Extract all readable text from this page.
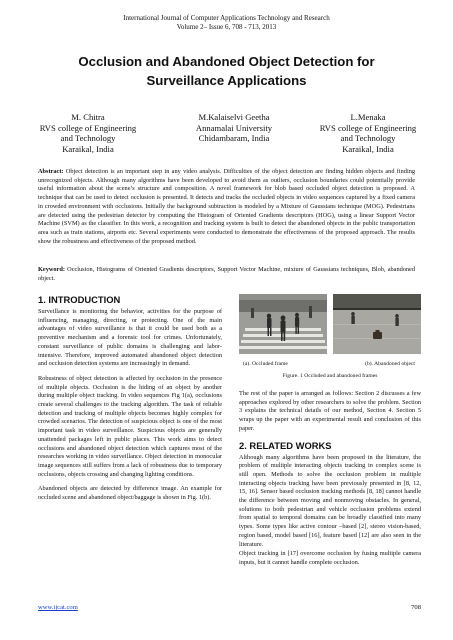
International Journal of Computer Applications Technology and Research
Volume 2– Issue 6, 708 - 713, 2013
Occlusion and Abandoned Object Detection for
Surveillance Applications
M. Chitra
RVS college of Engineering
and Technology
Karaikal, India
M.Kalaiselvi Geetha
Annamalai University
Chidambaram, India
L.Menaka
RVS college of Engineering
and Technology
Karaikal, India
Abstract: Object detection is an important step in any video analysis. Difficulties of the object detection are finding hidden objects and finding unrecognized objects. Although many algorithms have been developed to avoid them as outliers, occlusion boundaries could potentially provide useful information about the scene’s structure and composition. A novel framework for blob based occluded object detection is proposed. A technique that can be used to detect occlusion is presented. It detects and tracks the occluded objects in video sequences captured by a fixed camera in crowded environment with occlusions. Initially the background subtraction is modeled by a Mixture of Gaussians technique (MOG). Pedestrians are detected using the pedestrian detector by computing the Histogram of Oriented Gradients descriptors (HOG), using a linear Support Vector Machine (SVM) as the classifier. In this work, a recognition and tracking system is built to detect the abandoned objects in the public transportation area such as train stations, airports etc. Several experiments were conducted to demonstrate the effectiveness of the proposed approach. The results show the robustness and effectiveness of the proposed method.
Keyword: Occlusion, Histograms of Oriented Gradients descriptors, Support Vector Machine, mixture of Gaussians techniques, Blob, abandoned object.
1. INTRODUCTION

Surveillance is monitoring the behavior, activities for the purpose of influencing, managing, directing, or protecting. One of the main advantages of video surveillance is that it could be used both as a preventive mechanism and a forensic tool for crimes. Unfortunately, constant surveillance of public domains is challenging and labor-intensive. Therefore, improved automated abandoned object detection and occlusion detection systems are increasingly in demand.

Robustness of object detection is affected by occlusion in the presence of multiple objects. Occlusion is the hiding of an object by another during multiple object tracking. In video sequences Fig 1(a), occlusions create several challenges to the tracking algorithm. The task of reliable detection and tracking of multiple objects becomes highly complex for crowded scenarios. The detection of suspicious object is one of the most important task in video surveillance. Suspicious objects are generally unattended packages left in public places. This work aims to detect occlusions and abandoned object detection which captures most of the researches working in video surveillance. Object detection in monocular image sequences still suffers from a lack of robustness due to temporary occlusions, objects crossing and changing lighting conditions.

Abandoned objects are detected by difference image. An example for occluded scene and abandoned object/baggage is shown in Fig. 1(b).

(a). Occluded frame	(b). Abandoned object
Figure. 1 Occluded and abandoned frames

The rest of the paper is arranged as follows: Section 2 discusses a few approaches explored by other researchers to solve the problem. Section 3 explains the technical details of our method, Section 4. Section 5 wraps up the paper with an experimental result and conclusion of this paper.

2. RELATED WORKS

Although many algorithms have been proposed in the literature, the problem of multiple interacting objects tracking in complex scene is still open. Methods to solve the occlusion problem in multiple interacting objects tracking have been previously presented in [8, 12, 15, 16]. Sensor based occlusion tracking methods [8, 18] cannot handle the difference between moving and nonmoving obstacles. In general, solutions to both pedestrian and vehicle occlusion problems extend from spatial to temporal domains can be broadly classified into many types. Some types like active contour –based [2], stereo vision-based, region based, model based [16], feature based [12] are also seen in the literature.

Object tracking in [17] overcome occlusion by fusing multiple camera inputs, but it cannot handle complete occlusion.

www.ijcat.com	708
